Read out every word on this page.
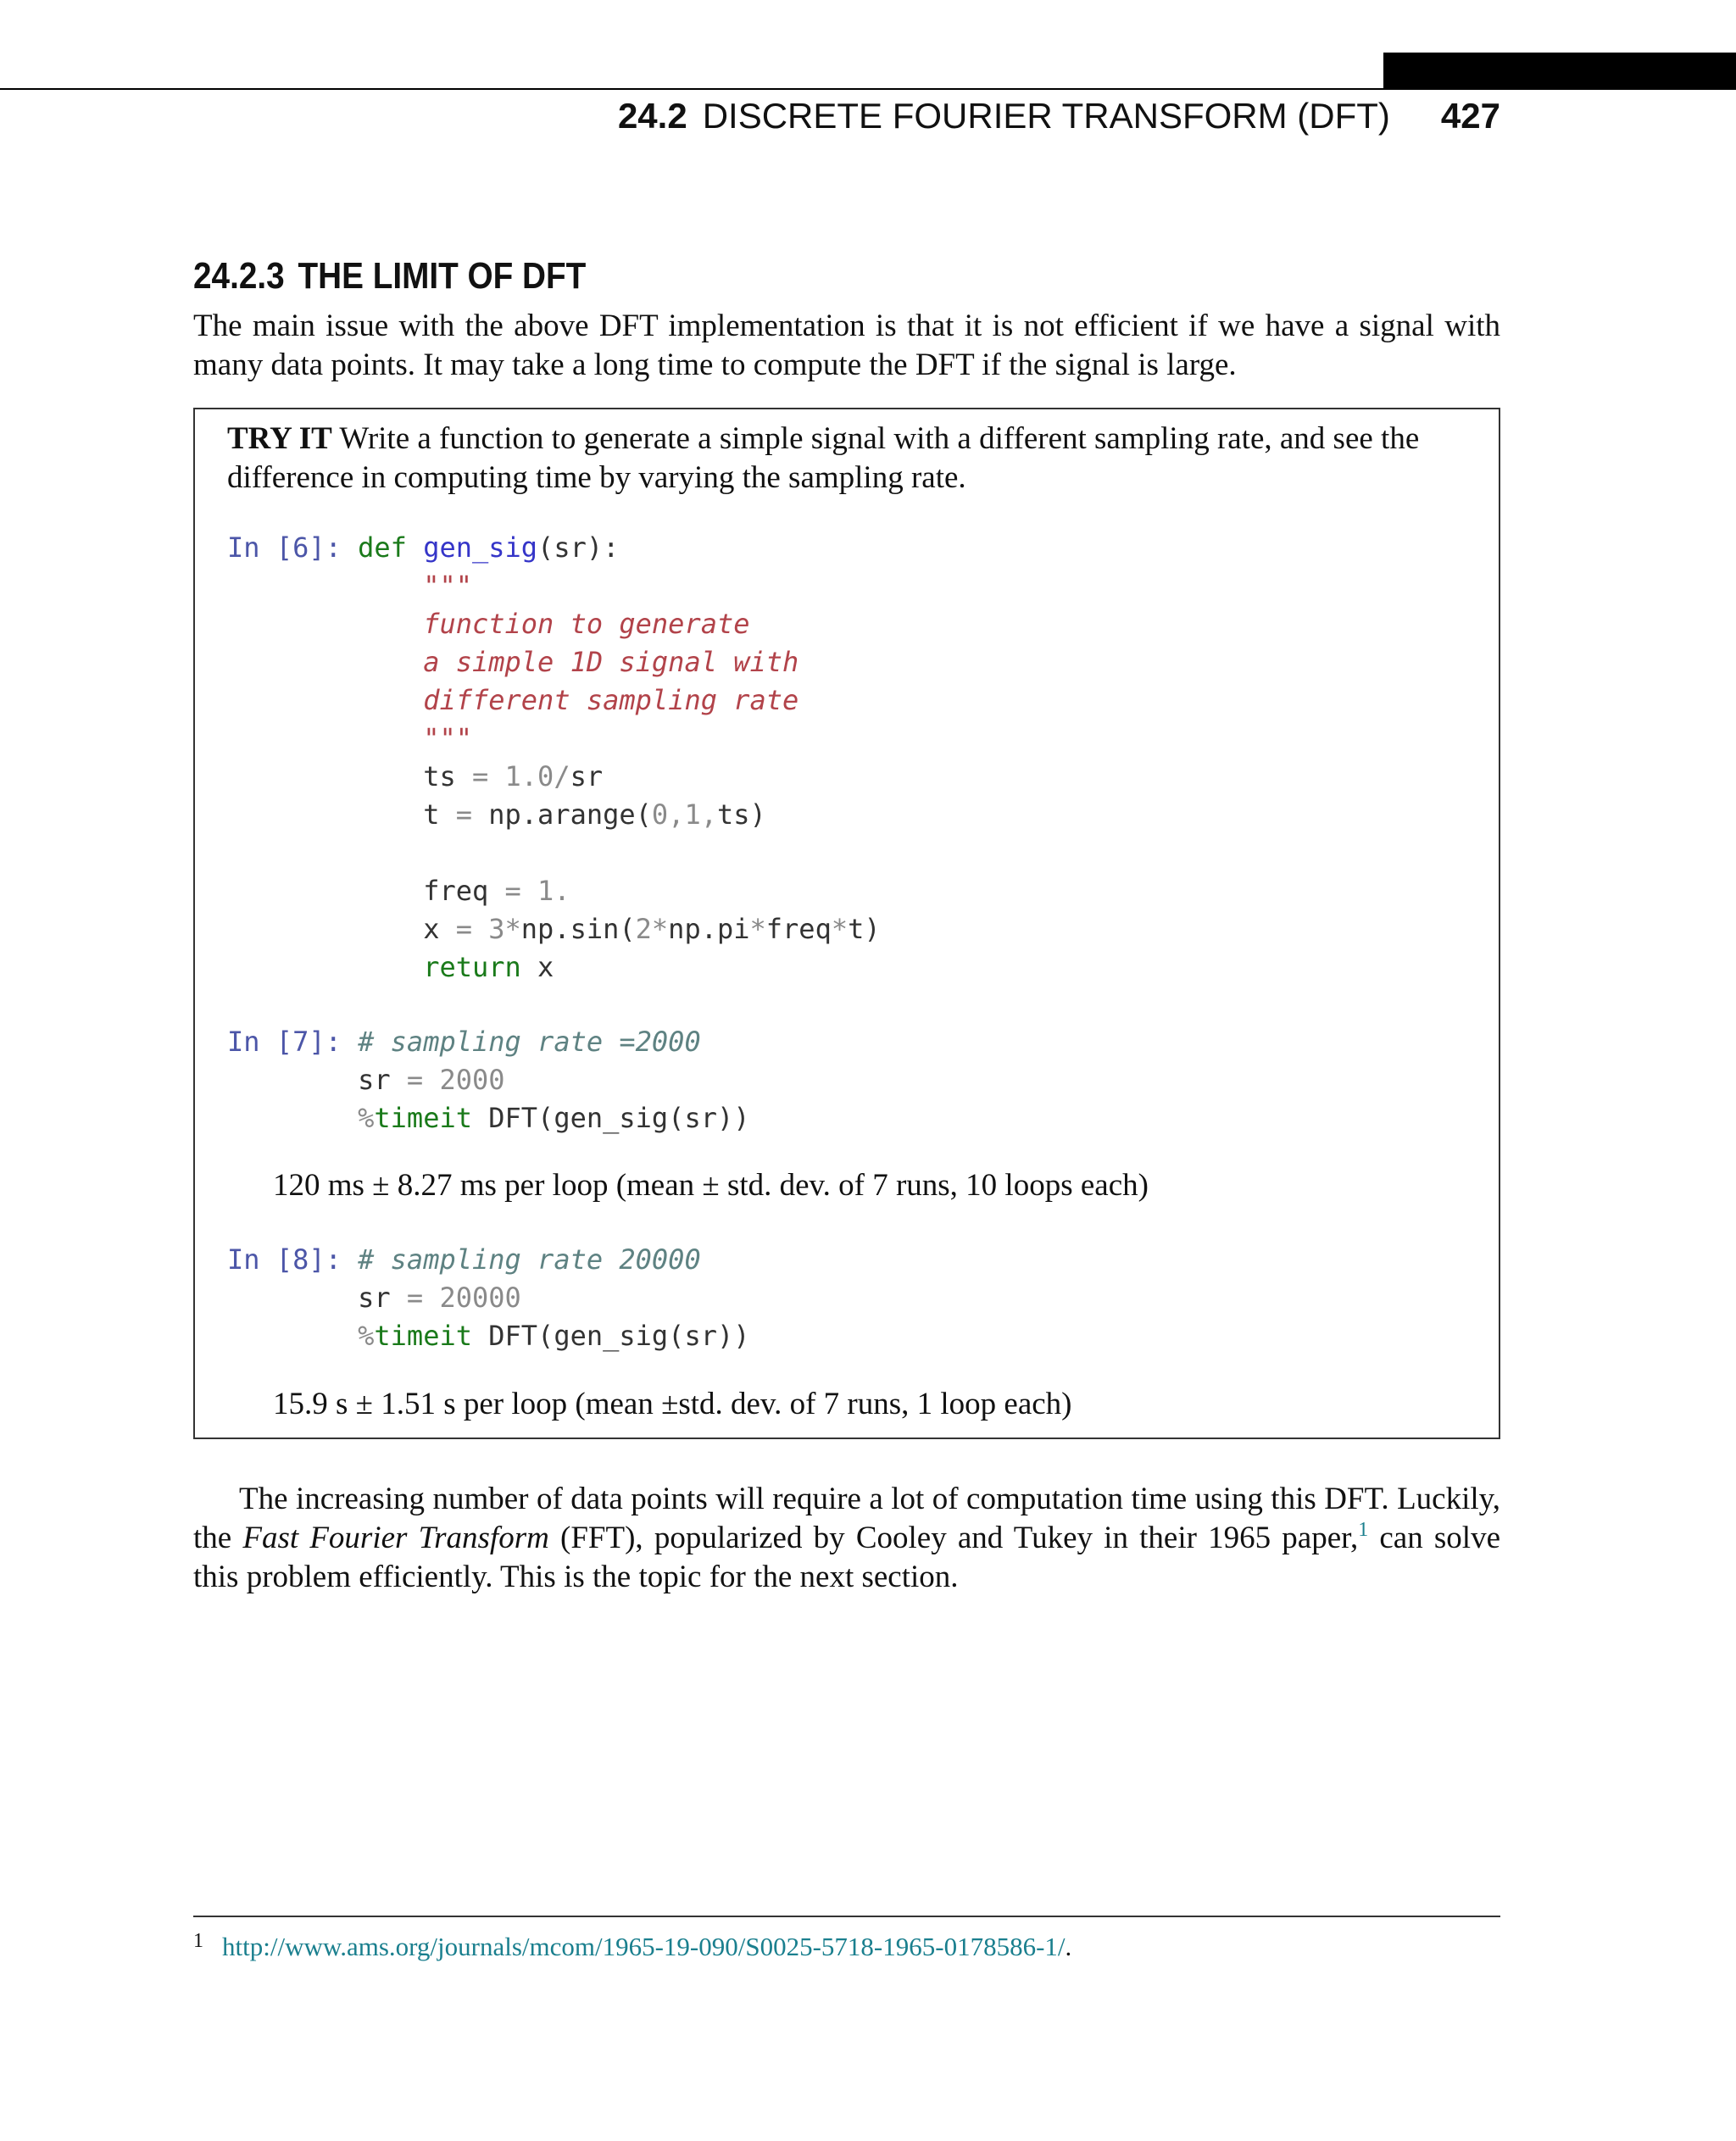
24.2 DISCRETE FOURIER TRANSFORM (DFT) 427
24.2.3 THE LIMIT OF DFT

The main issue with the above DFT implementation is that it is not efficient if we have a signal with many data points. It may take a long time to compute the DFT if the signal is large.

TRY IT Write a function to generate a simple signal with a different sampling rate, and see the difference in computing time by varying the sampling rate.

In [6]: def gen_sig(sr):
"""
function to generate
a simple 1D signal with
different sampling rate
"""
ts = 1.0/sr
t = np.arange(0,1,ts)

freq = 1.
x = 3*np.sin(2*np.pi*freq*t)
return x
In [7]: # sampling rate =2000
sr = 2000
%timeit DFT(gen_sig(sr))

120 ms ± 8.27 ms per loop (mean ± std. dev. of 7 runs, 10 loops each)

In [8]: # sampling rate 20000
sr = 20000
%timeit DFT(gen_sig(sr))

15.9 s ± 1.51 s per loop (mean ±std. dev. of 7 runs, 1 loop each)

The increasing number of data points will require a lot of computation time using this DFT. Luckily, the Fast Fourier Transform (FFT), popularized by Cooley and Tukey in their 1965 paper,$^1$ can solve this problem efficiently. This is the topic for the next section.

$^1$ http://www.ams.org/journals/mcom/1965-19-090/S0025-5718-1965-0178586-1/.
